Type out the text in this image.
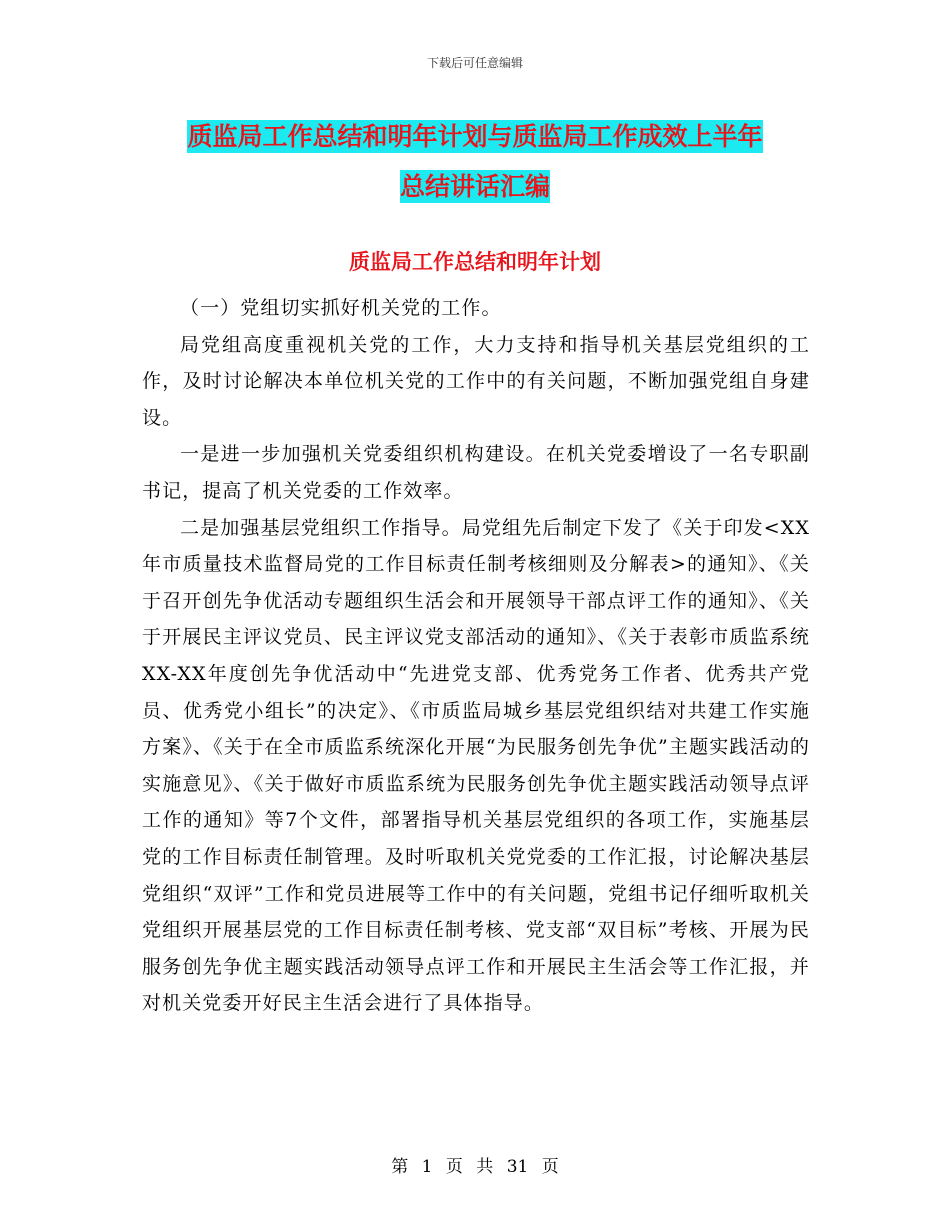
下载后可任意编辑
质监局工作总结和明年计划与质监局工作成效上半年
总结讲话汇编
质监局工作总结和明年计划

（一）党组切实抓好机关党的工作。

局党组高度重视机关党的工作，大力支持和指导机关基层党组织的工作，及时讨论解决本单位机关党的工作中的有关问题，不断加强党组自身建设。

一是进一步加强机关党委组织机构建设。在机关党委增设了一名专职副书记，提高了机关党委的工作效率。

二是加强基层党组织工作指导。局党组先后制定下发了《关于印发<XX年市质量技术监督局党的工作目标责任制考核细则及分解表>的通知》、《关于召开创先争优活动专题组织生活会和开展领导干部点评工作的通知》、《关于开展民主评议党员、民主评议党支部活动的通知》、《关于表彰市质监系统XX-XX年度创先争优活动中“先进党支部、优秀党务工作者、优秀共产党员、优秀党小组长”的决定》、《市质监局城乡基层党组织结对共建工作实施方案》、《关于在全市质监系统深化开展“为民服务创先争优”主题实践活动的实施意见》、《关于做好市质监系统为民服务创先争优主题实践活动领导点评工作的通知》等7个文件，部署指导机关基层党组织的各项工作，实施基层党的工作目标责任制管理。及时听取机关党党委的工作汇报，讨论解决基层党组织“双评”工作和党员进展等工作中的有关问题，党组书记仔细听取机关党组织开展基层党的工作目标责任制考核、党支部“双目标”考核、开展为民服务创先争优主题实践活动领导点评工作和开展民主生活会等工作汇报，并对机关党委开好民主生活会进行了具体指导。

第 1 页 共 31 页
